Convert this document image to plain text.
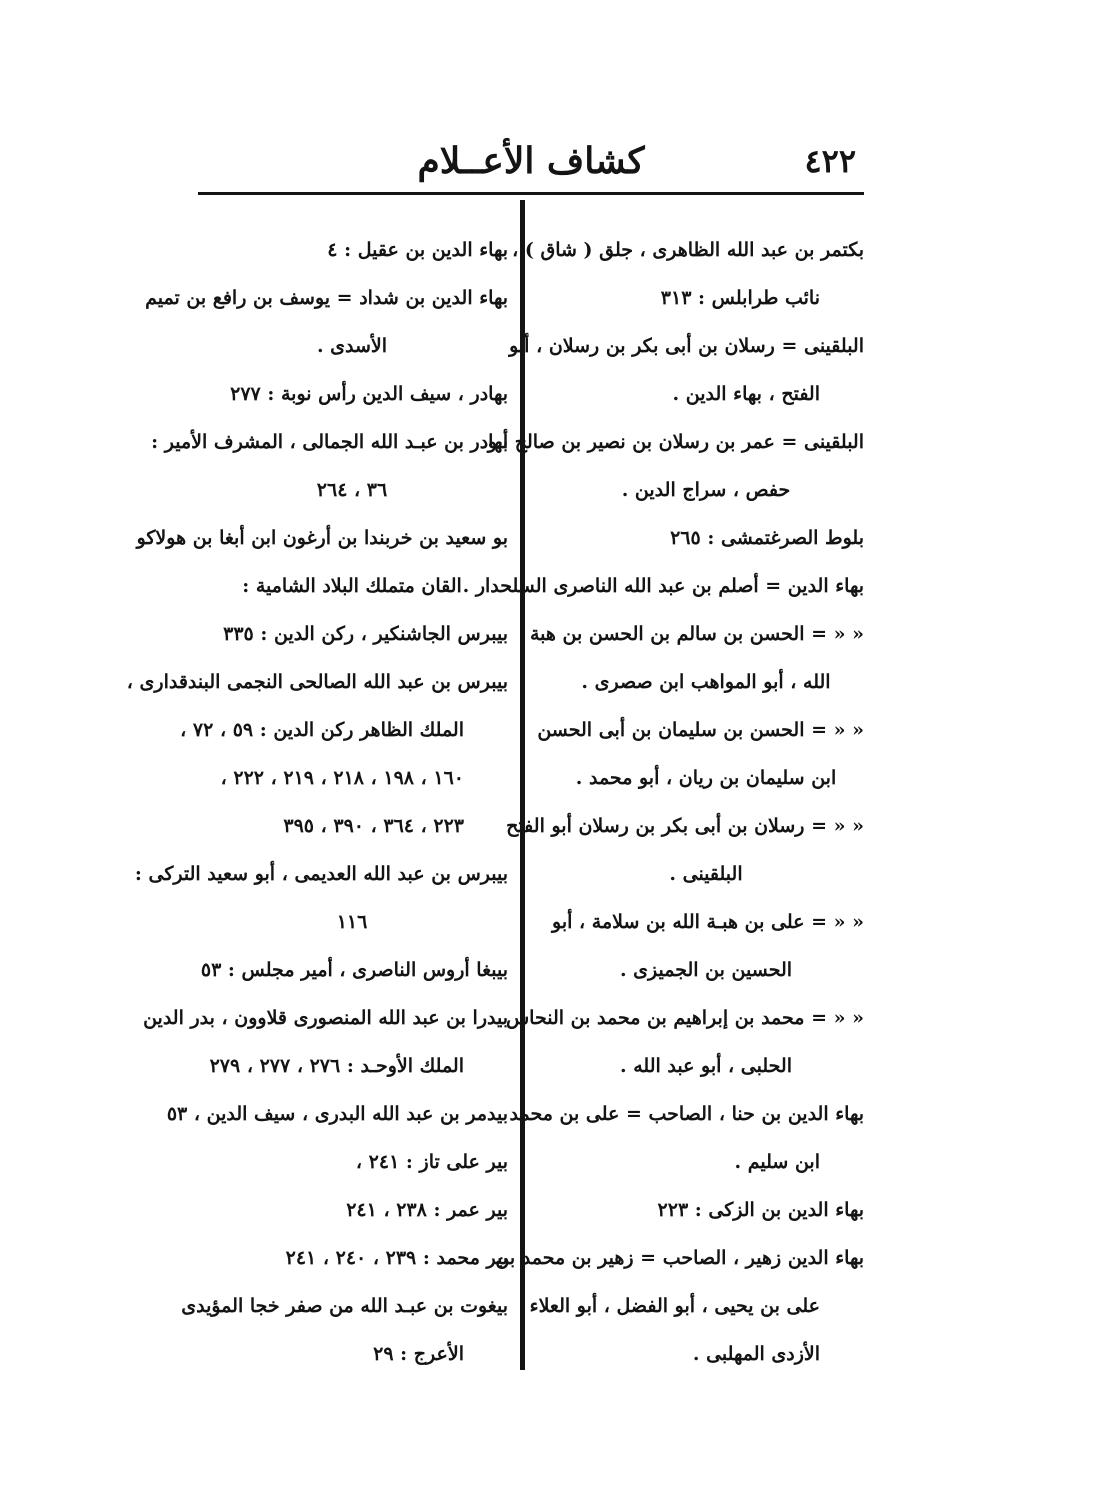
٤٢٢
كشاف الأعــلام
بكتمر بن عبد الله الظاهرى ، جلق ( شاق ) ،
نائب طرابلس : ٣١٣
البلقينى = رسلان بن أبى بكر بن رسلان ، أبو
الفتح ، بهاء الدين .
البلقينى = عمر بن رسلان بن نصير بن صالح أبو
حفص ، سراج الدين .
بلوط الصرغتمشى : ٢٦٥
بهاء الدين = أصلم بن عبد الله الناصرى السلحدار .
« « = الحسن بن سالم بن الحسن بن هبة
الله ، أبو المواهب ابن صصرى .
« « = الحسن بن سليمان بن أبى الحسن
ابن سليمان بن ريان ، أبو محمد .
« « = رسلان بن أبى بكر بن رسلان أبو الفتح
البلقينى .
« « = على بن هبـة الله بن سلامة ، أبو
الحسين بن الجميزى .
« « = محمد بن إبراهيم بن محمد بن النحاس
الحلبى ، أبو عبد الله .
بهاء الدين بن حنا ، الصاحب = على بن محمد
ابن سليم .
بهاء الدين بن الزكى : ٢٢٣
بهاء الدين زهير ، الصاحب = زهير بن محمد بن
على بن يحيى ، أبو الفضل ، أبو العلاء
الأزدى المهلبى .
بهاء الدين بن عقيل : ٤
بهاء الدين بن شداد = يوسف بن رافع بن تميم
الأسدى .
بهادر ، سيف الدين رأس نوبة : ٢٧٧
بهادر بن عبـد الله الجمالى ، المشرف الأمير :
٣٦ ، ٢٦٤
بو سعيد بن خربندا بن أرغون ابن أبغا بن هولاكو
القان متملك البلاد الشامية :
بيبرس الجاشنكير ، ركن الدين : ٣٣٥
بيبرس بن عبد الله الصالحى النجمى البندقدارى ،
الملك الظاهر ركن الدين : ٥٩ ، ٧٢ ،
١٦٠ ، ١٩٨ ، ٢١٨ ، ٢١٩ ، ٢٢٢ ،
٢٢٣ ، ٣٦٤ ، ٣٩٠ ، ٣٩٥
بيبرس بن عبد الله العديمى ، أبو سعيد التركى :
١١٦
بيبغا أروس الناصرى ، أمير مجلس : ٥٣
بيدرا بن عبد الله المنصورى قلاوون ، بدر الدين
الملك الأوحـد : ٢٧٦ ، ٢٧٧ ، ٢٧٩
بيدمر بن عبد الله البدرى ، سيف الدين ، ٥٣
بير على تاز : ٢٤١ ،
بير عمر : ٢٣٨ ، ٢٤١
بير محمد : ٢٣٩ ، ٢٤٠ ، ٢٤١
بيغوت بن عبـد الله من صفر خجا المؤيدى
الأعرج : ٢٩
